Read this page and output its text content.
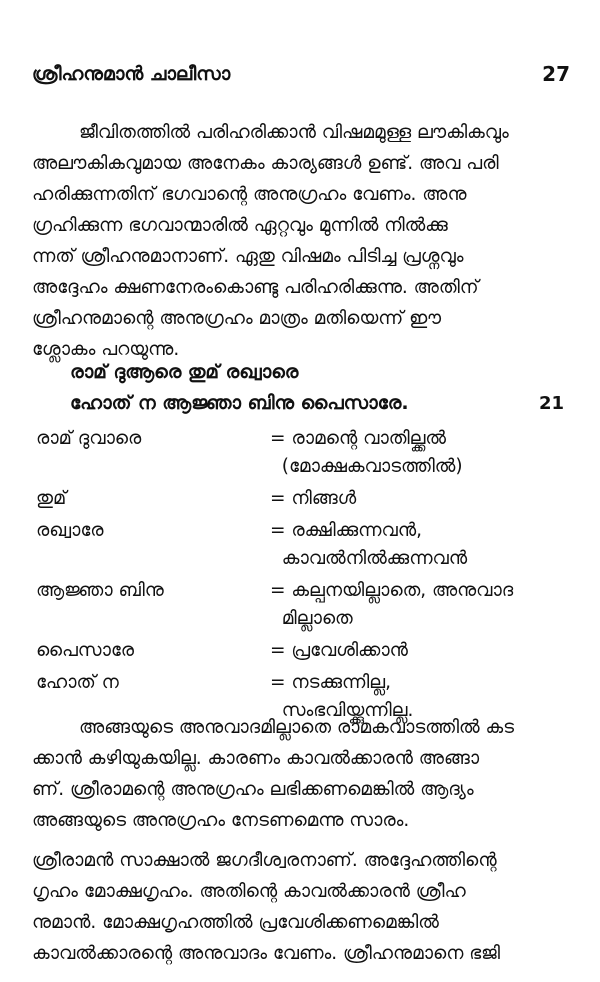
ശ്രീഹനുമാൻ ചാലീസാ	27
ജീവിതത്തിൽ പരിഹരിക്കാൻ വിഷമമുള്ള ലൗകികവും
അലൗകികവുമായ അനേകം കാര്യങ്ങൾ ഉണ്ട്. അവ പരി
ഹരിക്കുന്നതിന് ഭഗവാന്റെ അനുഗ്രഹം വേണം. അനു
ഗ്രഹിക്കുന്ന ഭഗവാന്മാരിൽ ഏറ്റവും മുന്നിൽ നിൽക്കു
ന്നത് ശ്രീഹനുമാനാണ്. ഏതു വിഷമം പിടിച്ച പ്രശ്നവും
അദ്ദേഹം ക്ഷണനേരംകൊണ്ടു പരിഹരിക്കുന്നു. അതിന്
ശ്രീഹനുമാന്റെ അനുഗ്രഹം മാത്രം മതിയെന്ന് ഈ
ശ്ലോകം പറയുന്നു.
രാമ് ദുആരെ തുമ് രഖ്വാരെ
ഹോത് ന ആജ്ഞാ ബിനു പൈസാരേ.	21
രാമ് ദുവാരെ	= രാമന്റെ വാതില്ക്കൽ
(മോക്ഷകവാടത്തിൽ)
തുമ്	= നിങ്ങൾ
രഖ്വാരേ	= രക്ഷിക്കുന്നവൻ,
കാവൽനിൽക്കുന്നവൻ
ആജ്ഞാ ബിനു	= കല്പനയില്ലാതെ, അനുവാദ
മില്ലാതെ
പൈസാരേ	= പ്രവേശിക്കാൻ
ഹോത് ന	= നടക്കുന്നില്ല,
സംഭവിയ്ക്കുന്നില്ല.
അങ്ങയുടെ അനുവാദമില്ലാതെ രാമകവാടത്തിൽ കട
ക്കാൻ കഴിയുകയില്ല. കാരണം കാവൽക്കാരൻ അങ്ങാ
ണ്. ശ്രീരാമന്റെ അനുഗ്രഹം ലഭിക്കണമെങ്കിൽ ആദ്യം
അങ്ങയുടെ അനുഗ്രഹം നേടണമെന്നു സാരം.
ശ്രീരാമൻ സാക്ഷാൽ ജഗദീശ്വരനാണ്. അദ്ദേഹത്തിന്റെ
ഗൃഹം മോക്ഷഗൃഹം. അതിന്റെ കാവൽക്കാരൻ ശ്രീഹ
നുമാൻ. മോക്ഷഗൃഹത്തിൽ പ്രവേശിക്കണമെങ്കിൽ
കാവൽക്കാരന്റെ അനുവാദം വേണം. ശ്രീഹനുമാനെ ഭജി
